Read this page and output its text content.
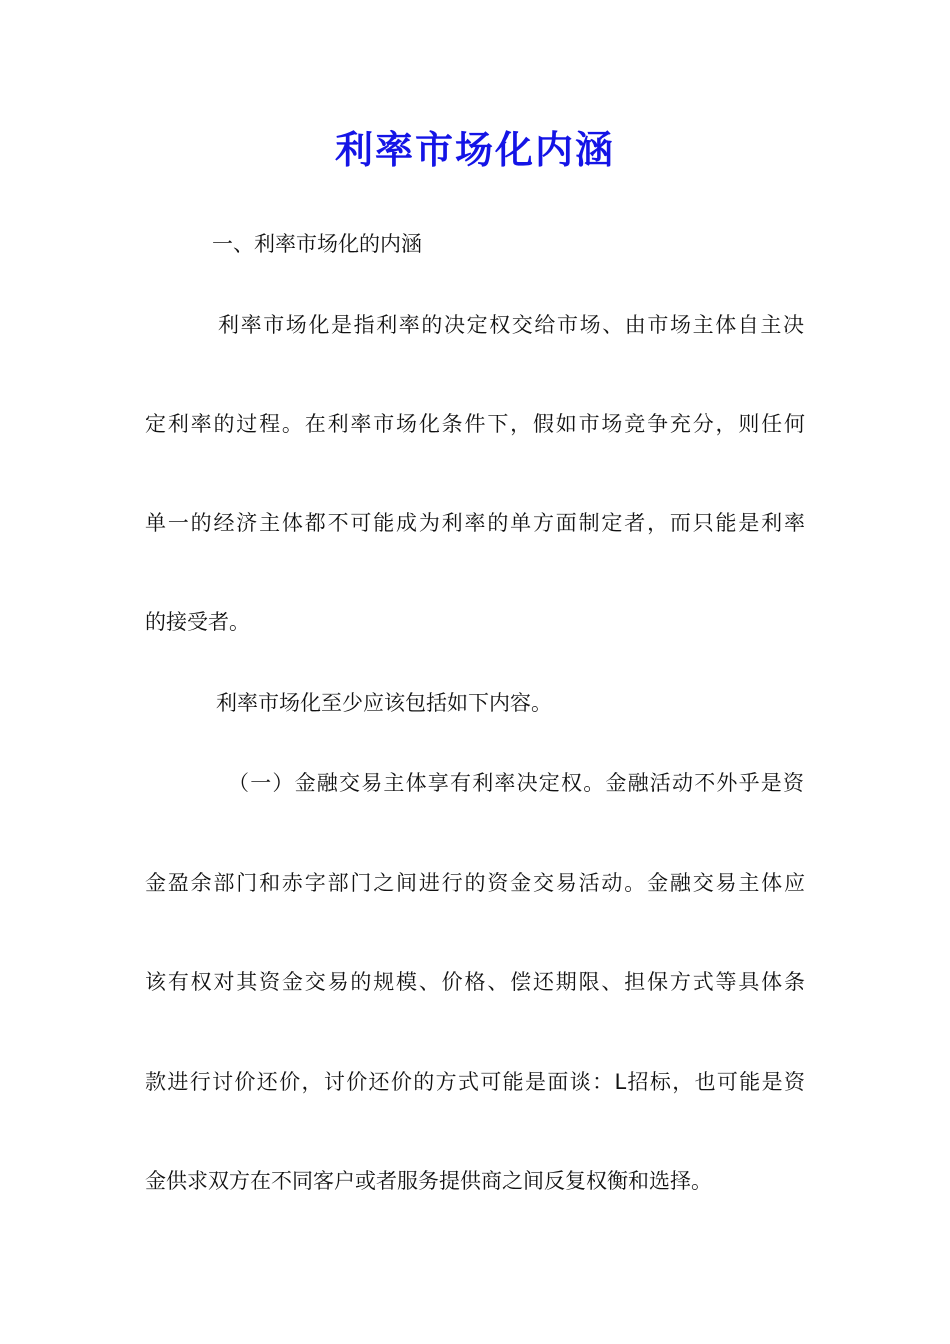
利率市场化内涵
一、利率市场化的内涵
利率市场化是指利率的决定权交给市场、由市场主体自主决
定利率的过程。在利率市场化条件下，假如市场竞争充分，则任何
单一的经济主体都不可能成为利率的单方面制定者，而只能是利率
的接受者。
利率市场化至少应该包括如下内容。
（一）金融交易主体享有利率决定权。金融活动不外乎是资
金盈余部门和赤字部门之间进行的资金交易活动。金融交易主体应
该有权对其资金交易的规模、价格、偿还期限、担保方式等具体条
款进行讨价还价，讨价还价的方式可能是面谈：L招标，也可能是资
金供求双方在不同客户或者服务提供商之间反复权衡和选择。
